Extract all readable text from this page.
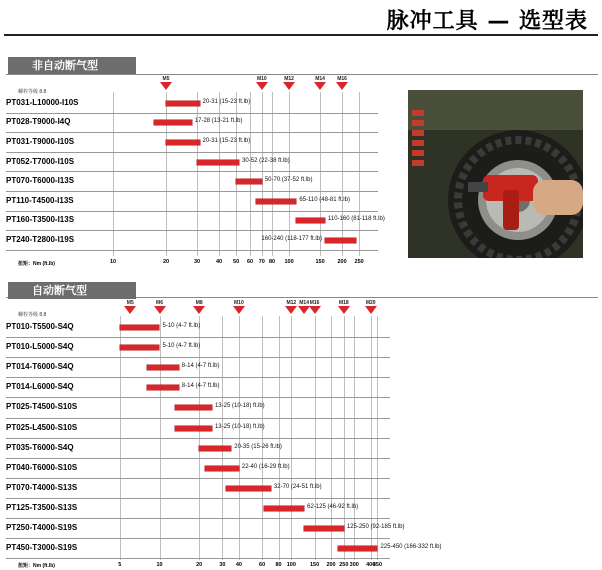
脉冲工具 — 选型表
非自动断气型
螺栓等级 8.8
扭矩：Nm (ft.lb)
自动断气型
螺栓等级 8.8
扭矩：Nm (ft.lb)
10	20	30	40 50 60 70 80 100	150 200 250
M5	M10	M12	M14 M16
PT031-L10000-I10S	20-31 (15-23 ft.lb)
PT028-T9000-I4Q	17-28 (13-21 ft.lb)
PT031-T9000-I10S	20-31 (15-23 ft.lb)
PT052-T7000-I10S	30-52 (22-38 ft.lb)
PT070-T6000-I13S	50-70 (37-52 ft.lb)
PT110-T4500-I13S	65-110 (48-81 ft.lb)
PT160-T3500-I13S	110-160 (81-118 ft.lb)
PT240-T2800-I19S	160-240 (118-177 ft.lb)
5	10	20	30 40	60 80 100	150 200 250 300 400
450
M5	M6	M8	M10	M12 M14 M16	M18	M20
PT010-T5500-S4Q	5-10 (4-7 ft.lb)
PT010-L5000-S4Q	5-10 (4-7 ft.lb)
PT014-T6000-S4Q	8-14 (4-7 ft.lb)
PT014-L6000-S4Q	8-14 (4-7 ft.lb)
PT025-T4500-S10S	13-25 (10-18) ft.lb)
PT025-L4500-S10S	13-25 (10-18) ft.lb)
PT035-T6000-S4Q	20-35 (15-26 ft.lb)
PT040-T6000-S10S	22-40 (16-29 ft.lb)
PT070-T4000-S13S	32-70 (24-51 ft.lb)
PT125-T3500-S13S	62-125 (46-92 ft.lb)
PT250-T4000-S19S	125-250 (92-185 ft.lb)
PT450-T3000-S19S	225-450 (166-332 ft.lb)
